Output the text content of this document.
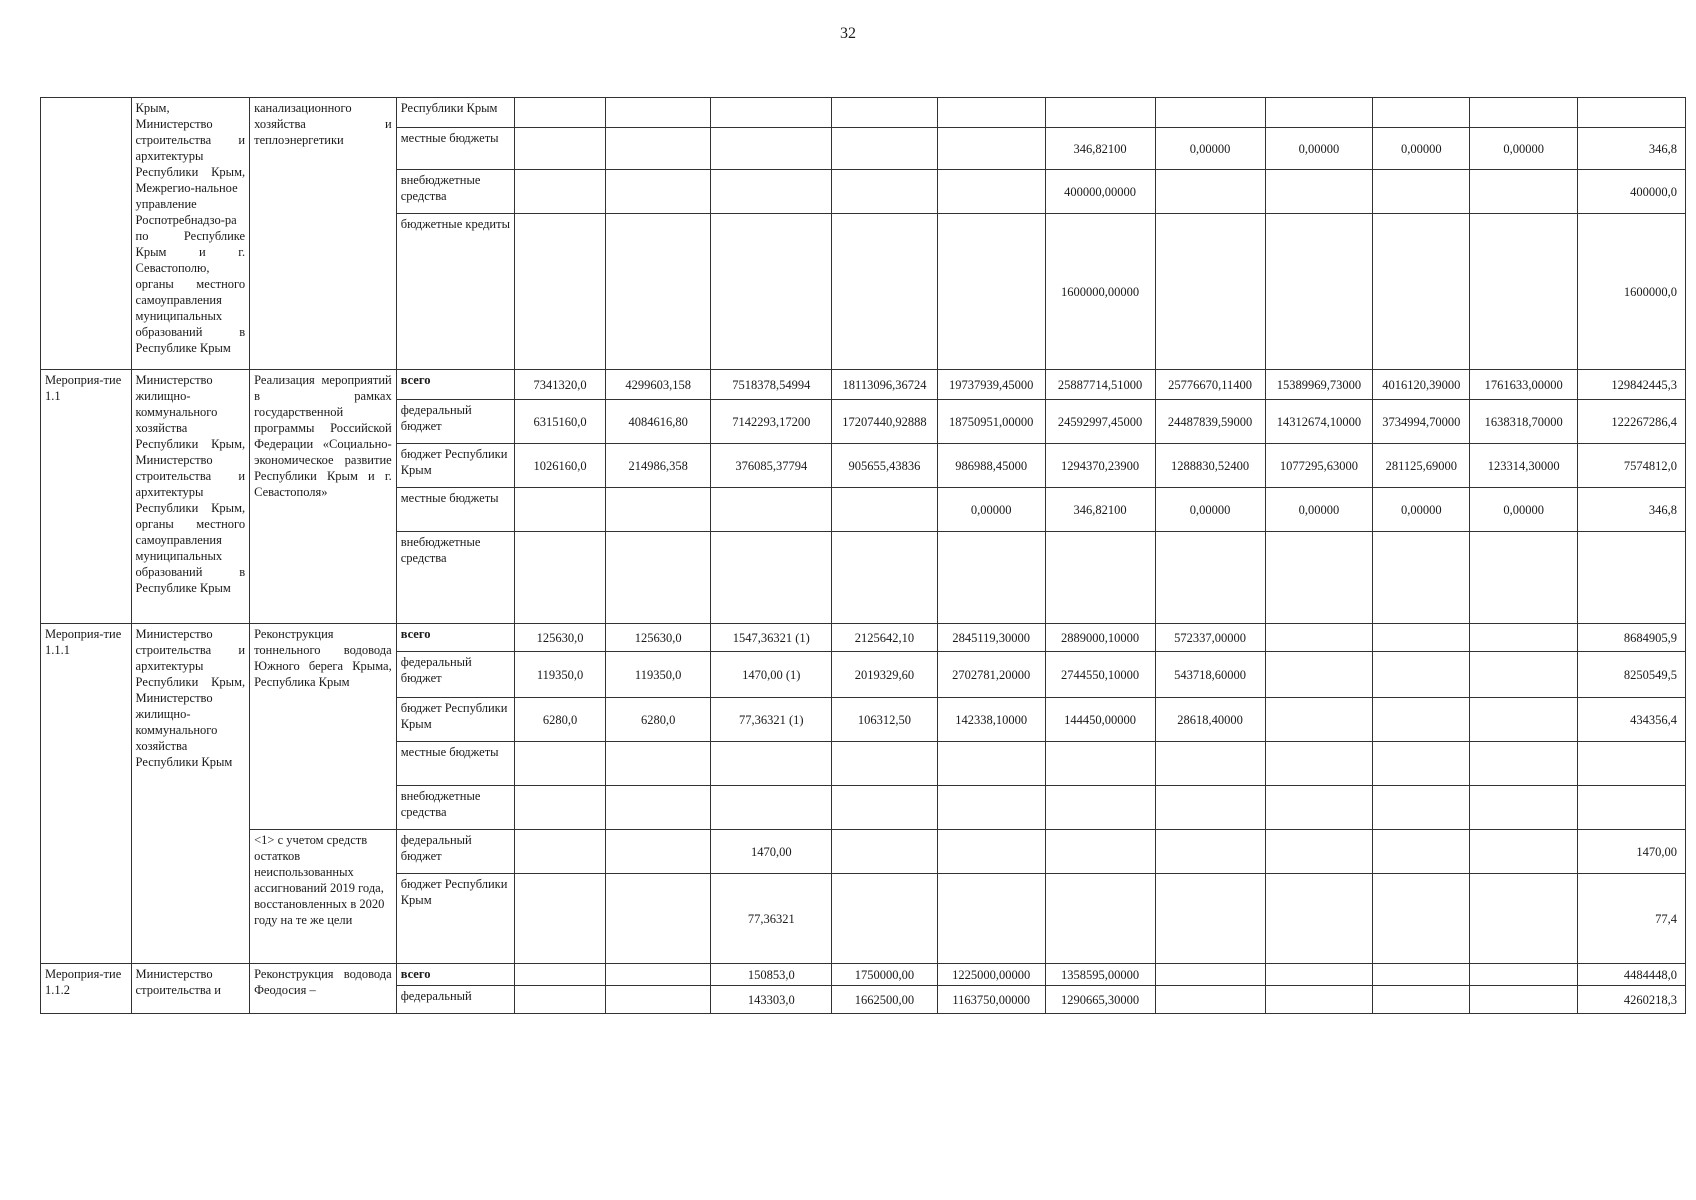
32
	Крым, Министерство строительства и архитектуры Республики Крым, Межрегио-нальное управление Роспотребнадзо-ра по Республике Крым и г. Севастополю, органы местного самоуправления муниципальных образований в Республике Крым	канализационного хозяйства и теплоэнергетики	Республики Крым											
			местные бюджеты						346,82100	0,00000	0,00000	0,00000	0,00000	346,8
			внебюджетные средства						400000,00000					400000,0
			бюджетные кредиты						1600000,00000					1600000,0
Мероприя-тие 1.1	Министерство жилищно-коммунального хозяйства Республики Крым, Министерство строительства и архитектуры Республики Крым, органы местного самоуправления муниципальных образований в Республике Крым	Реализация мероприятий в рамках государственной программы Российской Федерации «Социально-экономическое развитие Республики Крым и г. Севастополя»	всего	7341320,0	4299603,158	7518378,54994	18113096,36724	19737939,45000	25887714,51000	25776670,11400	15389969,73000	4016120,39000	1761633,00000	129842445,3
			федеральный бюджет	6315160,0	4084616,80	7142293,17200	17207440,92888	18750951,00000	24592997,45000	24487839,59000	14312674,10000	3734994,70000	1638318,70000	122267286,4
			бюджет Республики Крым	1026160,0	214986,358	376085,37794	905655,43836	986988,45000	1294370,23900	1288830,52400	1077295,63000	281125,69000	123314,30000	7574812,0
			местные бюджеты					0,00000	346,82100	0,00000	0,00000	0,00000	0,00000	346,8
			внебюджетные средства											
Мероприя-тие 1.1.1	Министерство строительства и архитектуры Республики Крым, Министерство жилищно-коммунального хозяйства Республики Крым	Реконструкция тоннельного водовода Южного берега Крыма, Республика Крым	всего	125630,0	125630,0	1547,36321 (1)	2125642,10	2845119,30000	2889000,10000	572337,00000				8684905,9
			федеральный бюджет	119350,0	119350,0	1470,00 (1)	2019329,60	2702781,20000	2744550,10000	543718,60000				8250549,5
			бюджет Республики Крым	6280,0	6280,0	77,36321 (1)	106312,50	142338,10000	144450,00000	28618,40000				434356,4
			местные бюджеты											
			внебюджетные средства											
		<1> с учетом средств остатков неиспользованных ассигнований 2019 года, восстановленных в 2020 году на те же цели	федеральный бюджет			1470,00								1470,00
			бюджет Республики Крым			77,36321								77,4
Мероприя-тие 1.1.2	Министерство строительства и	Реконструкция водовода Феодосия –	всего			150853,0	1750000,00	1225000,00000	1358595,00000					4484448,0
			федеральный			143303,0	1662500,00	1163750,00000	1290665,30000					4260218,3
